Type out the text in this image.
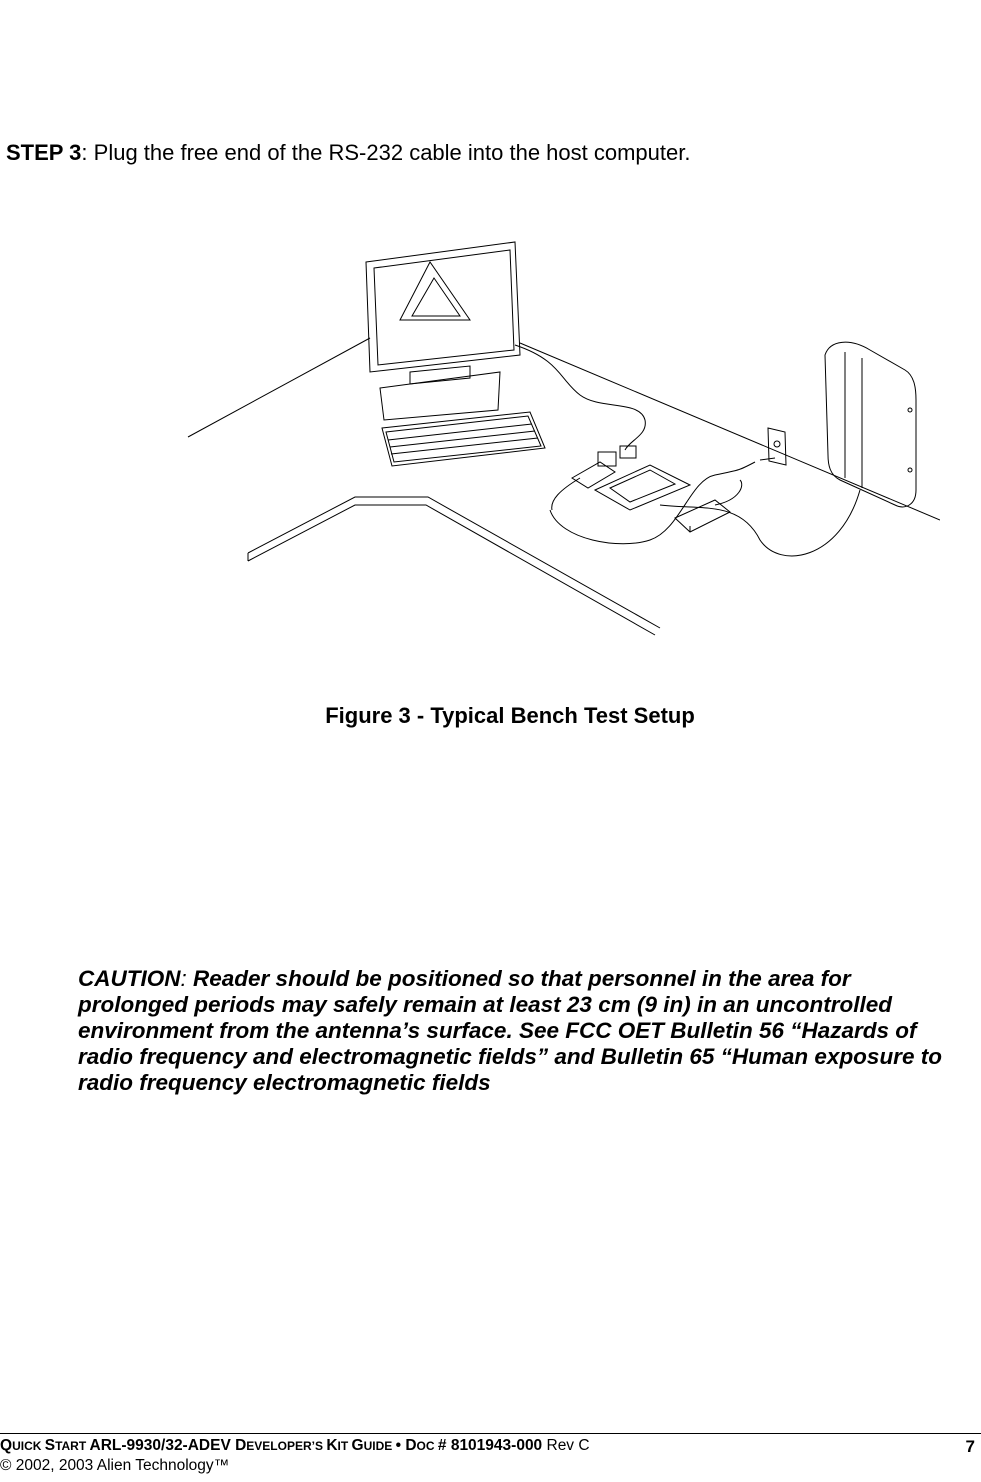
STEP 3: Plug the free end of the RS-232 cable into the host computer.
ALIEN
Figure 3 - Typical Bench Test Setup
CAUTION: Reader should be positioned so that personnel in the area for prolonged periods may safely remain at least 23 cm (9 in) in an uncontrolled environment from the antenna’s surface. See FCC OET Bulletin 56 “Hazards of radio frequency and electromagnetic fields” and Bulletin 65 “Human exposure to radio frequency electromagnetic fields
QUICK START ARL-9930/32-ADEV DEVELOPER’S KIT GUIDE • DOC # 8101943-000 Rev C	7
© 2002, 2003 Alien Technology™
